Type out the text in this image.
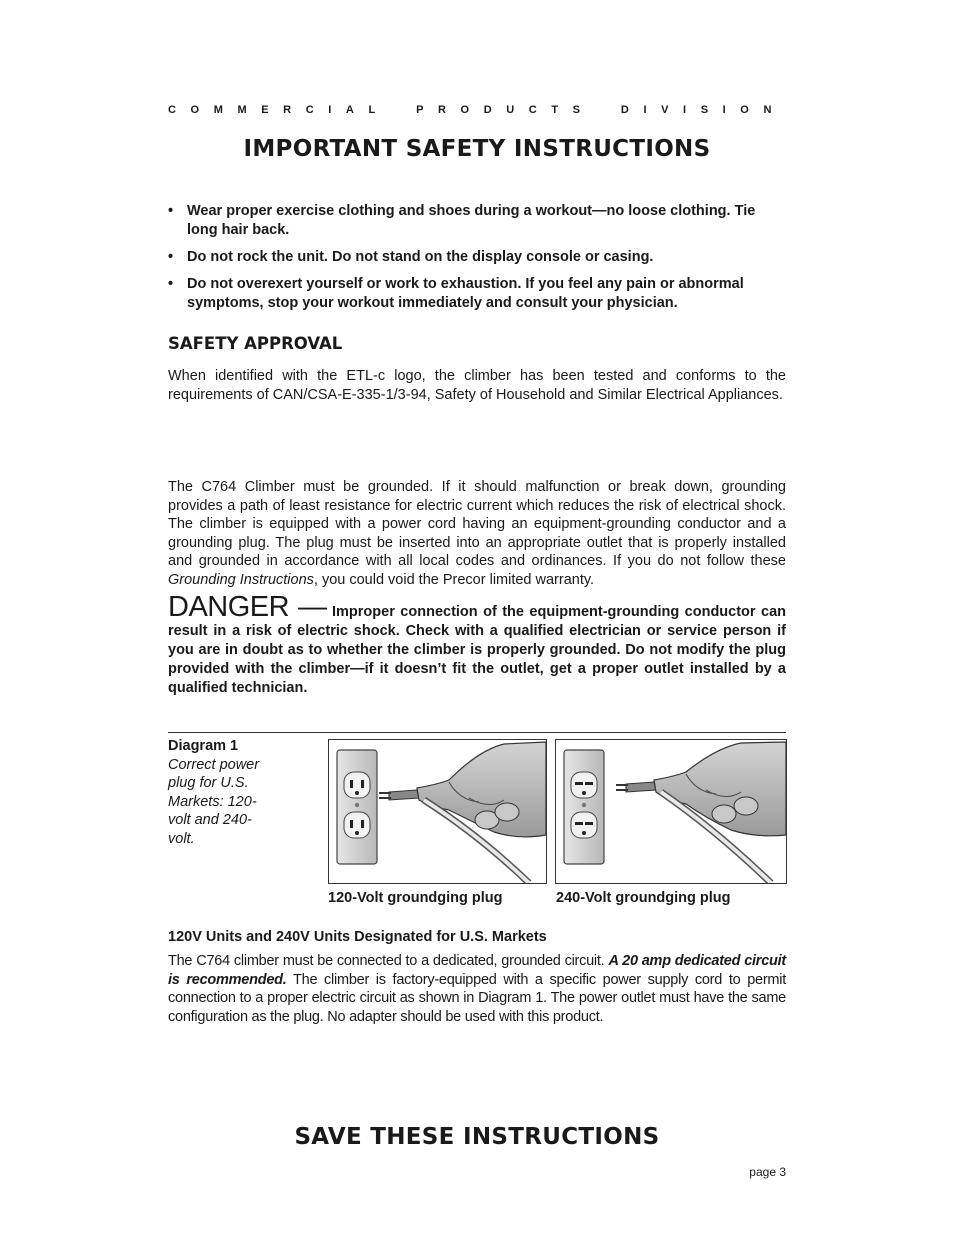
COMMERCIAL PRODUCTS DIVISION
IMPORTANT SAFETY INSTRUCTIONS
• Wear proper exercise clothing and shoes during a workout—no loose clothing. Tie long hair back.
• Do not rock the unit. Do not stand on the display console or casing.
• Do not overexert yourself or work to exhaustion. If you feel any pain or abnormal symptoms, stop your workout immediately and consult your physician.
SAFETY APPROVAL
When identified with the ETL-c logo, the climber has been tested and conforms to the requirements of CAN/CSA-E-335-1/3-94, Safety of Household and Similar Electrical Appliances.
The C764 Climber must be grounded. If it should malfunction or break down, grounding provides a path of least resistance for electric current which reduces the risk of electrical shock. The climber is equipped with a power cord having an equipment-grounding conductor and a grounding plug. The plug must be inserted into an appropriate outlet that is properly installed and grounded in accordance with all local codes and ordinances. If you do not follow these Grounding Instructions, you could void the Precor limited warranty.
DANGER — Improper connection of the equipment-grounding conductor can result in a risk of electric shock. Check with a qualified electrician or service person if you are in doubt as to whether the climber is properly grounded. Do not modify the plug provided with the climber—if it doesn’t fit the outlet, get a proper outlet installed by a qualified technician.
Diagram 1
Correct power plug for U.S. Markets: 120-volt and 240-volt.
120-Volt groundging plug	240-Volt groundging plug
120V Units and 240V Units Designated for U.S. Markets
The C764 climber must be connected to a dedicated, grounded circuit. A 20 amp dedicated circuit is recommended. The climber is factory-equipped with a specific power supply cord to permit connection to a proper electric circuit as shown in Diagram 1. The power outlet must have the same configuration as the plug. No adapter should be used with this product.
SAVE THESE INSTRUCTIONS
page 3
